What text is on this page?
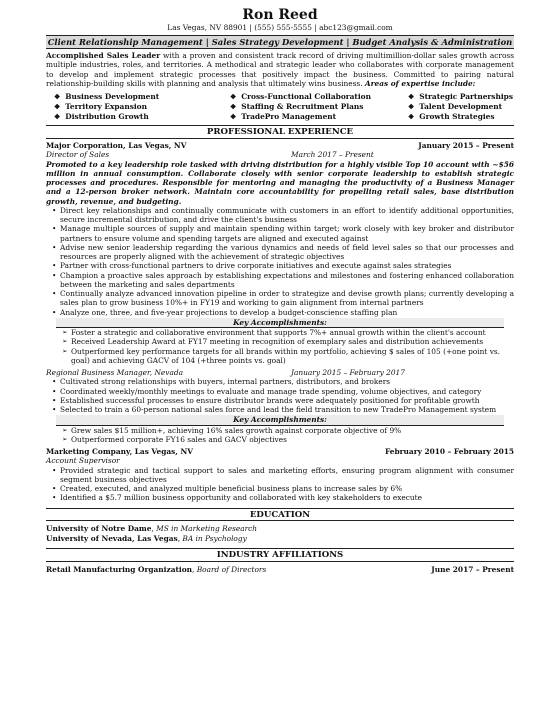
Ron Reed
Las Vegas, NV 88901 | (555) 555-5555 | abc123@gmail.com
Client Relationship Management | Sales Strategy Development | Budget Analysis & Administration
Accomplished Sales Leader with a proven and consistent track record of driving multimillion-dollar sales growth across multiple industries, roles, and territories. A methodical and strategic leader who collaborates with corporate management to develop and implement strategic processes that positively impact the business. Committed to pairing natural relationship-building skills with planning and analysis that ultimately wins business. Areas of expertise include:
❖ Business Development	❖ Cross-Functional Collaboration	❖ Strategic Partnerships
❖ Territory Expansion	❖ Staffing & Recruitment Plans	❖ Talent Development
❖ Distribution Growth	❖ TradePro Management	❖ Growth Strategies
PROFESSIONAL EXPERIENCE
Major Corporation, Las Vegas, NV	January 2015 – Present
Director of Sales	March 2017 – Present
Promoted to a key leadership role tasked with driving distribution for a highly visible Top 10 account with ~$56 million in annual consumption. Collaborate closely with senior corporate leadership to establish strategic processes and procedures. Responsible for mentoring and managing the productivity of a Business Manager and a 12-person broker network. Maintain core accountability for propelling retail sales, base distribution growth, revenue, and budgeting.
• Direct key relationships and continually communicate with customers in an effort to identify additional opportunities, secure incremental distribution, and drive the client's business
• Manage multiple sources of supply and maintain spending within target; work closely with key broker and distributor partners to ensure volume and spending targets are aligned and executed against
• Advise new senior leadership regarding the various dynamics and needs of field level sales so that our processes and resources are properly aligned with the achievement of strategic objectives
• Partner with cross-functional partners to drive corporate initiatives and execute against sales strategies
• Champion a proactive sales approach by establishing expectations and milestones and fostering enhanced collaboration between the marketing and sales departments
• Continually analyze advanced innovation pipeline in order to strategize and devise growth plans; currently developing a sales plan to grow business 10%+ in FY19 and working to gain alignment from internal partners
• Analyze one, three, and five-year projections to develop a budget-conscience staffing plan
Key Accomplishments:
➢ Foster a strategic and collaborative environment that supports 7%+ annual growth within the client's account
➢ Received Leadership Award at FY17 meeting in recognition of exemplary sales and distribution achievements
➢ Outperformed key performance targets for all brands within my portfolio, achieving $ sales of 105 (+one point vs. goal) and achieving GACV of 104 (+three points vs. goal)
Regional Business Manager, Nevada	January 2015 – February 2017
• Cultivated strong relationships with buyers, internal partners, distributors, and brokers
• Coordinated weekly/monthly meetings to evaluate and manage trade spending, volume objectives, and category
• Established successful processes to ensure distributor brands were adequately positioned for profitable growth
• Selected to train a 60-person national sales force and lead the field transition to new TradePro Management system
Key Accomplishments:
➢ Grew sales $15 million+, achieving 16% sales growth against corporate objective of 9%
➢ Outperformed corporate FY16 sales and GACV objectives
Marketing Company, Las Vegas, NV	February 2010 – February 2015
Account Supervisor
• Provided strategic and tactical support to sales and marketing efforts, ensuring program alignment with consumer segment business objectives
• Created, executed, and analyzed multiple beneficial business plans to increase sales by 6%
• Identified a $5.7 million business opportunity and collaborated with key stakeholders to execute
EDUCATION
University of Notre Dame, MS in Marketing Research
University of Nevada, Las Vegas, BA in Psychology
INDUSTRY AFFILIATIONS
Retail Manufacturing Organization, Board of Directors	June 2017 – Present
